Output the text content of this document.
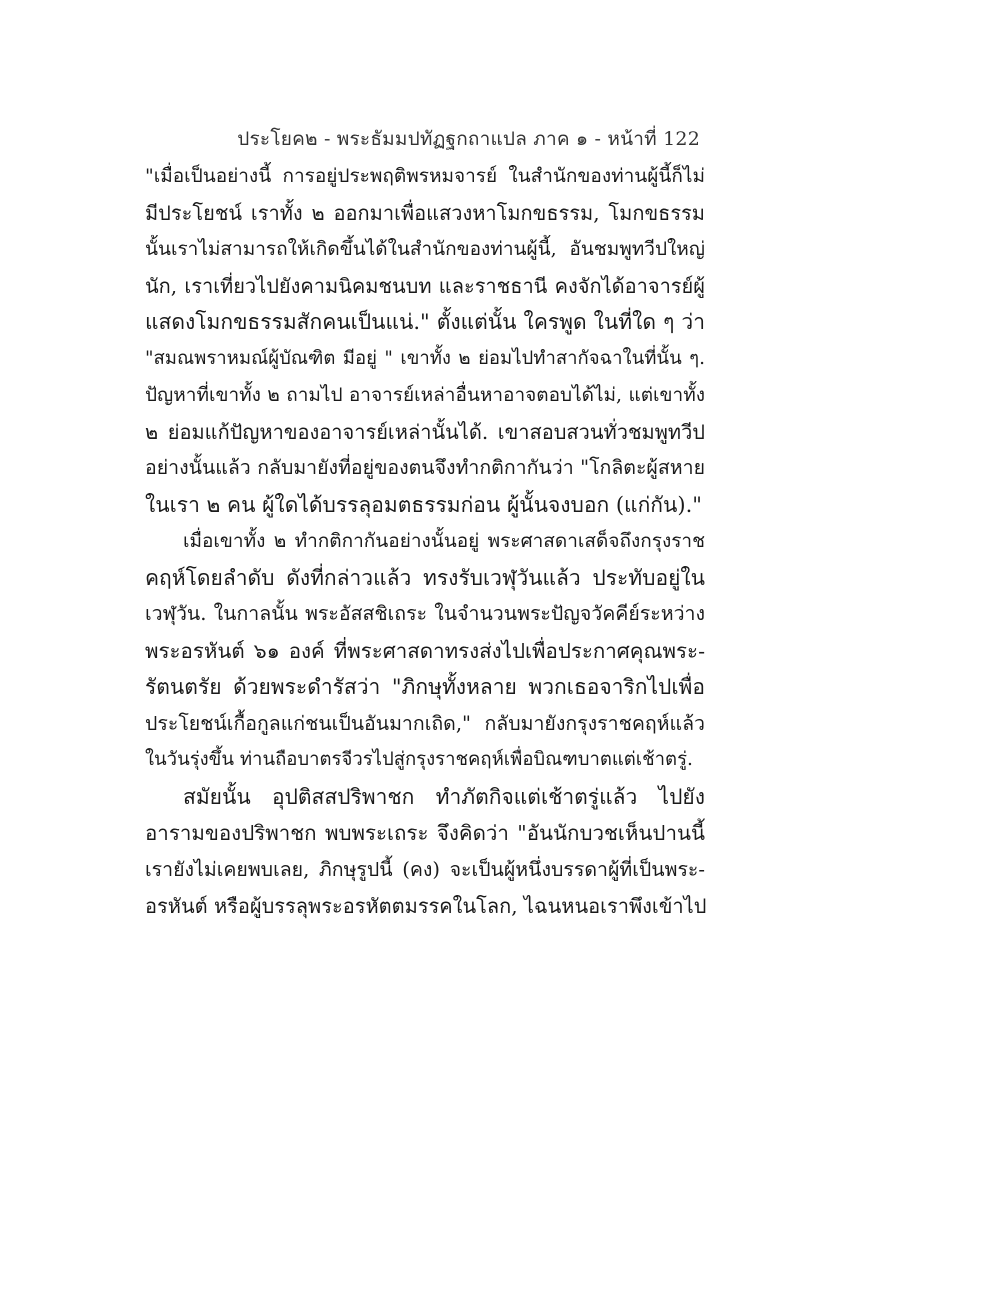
ประโยค๒ - พระธัมมปทัฏฐกถาแปล ภาค ๑ - หน้าที่ 122
"เมื่อเป็นอย่างนี้ การอยู่ประพฤติพรหมจารย์ ในสำนักของท่านผู้นี้ก็ไม่
มีประโยชน์ เราทั้ง ๒ ออกมาเพื่อแสวงหาโมกขธรรม, โมกขธรรม
นั้นเราไม่สามารถให้เกิดขึ้นได้ในสำนักของท่านผู้นี้, อันชมพูทวีปใหญ่
นัก, เราเที่ยวไปยังคามนิคมชนบท และราชธานี คงจักได้อาจารย์ผู้
แสดงโมกขธรรมสักคนเป็นแน่." ตั้งแต่นั้น ใครพูด ในที่ใด ๆ ว่า
"สมณพราหมณ์ผู้บัณฑิต มีอยู่ " เขาทั้ง ๒ ย่อมไปทำสากัจฉาในที่นั้น ๆ.
ปัญหาที่เขาทั้ง ๒ ถามไป อาจารย์เหล่าอื่นหาอาจตอบได้ไม่, แต่เขาทั้ง
๒ ย่อมแก้ปัญหาของอาจารย์เหล่านั้นได้. เขาสอบสวนทั่วชมพูทวีป
อย่างนั้นแล้ว กลับมายังที่อยู่ของตนจึงทำกติกากันว่า "โกลิตะผู้สหาย
ในเรา ๒ คน ผู้ใดได้บรรลุอมตธรรมก่อน ผู้นั้นจงบอก (แก่กัน)."
เมื่อเขาทั้ง ๒ ทำกติกากันอย่างนั้นอยู่ พระศาสดาเสด็จถึงกรุงราช
คฤห์โดยลำดับ ดังที่กล่าวแล้ว ทรงรับเวฬุวันแล้ว ประทับอยู่ใน
เวฬุวัน. ในกาลนั้น พระอัสสชิเถระ ในจำนวนพระปัญจวัคคีย์ระหว่าง
พระอรหันต์ ๖๑ องค์ ที่พระศาสดาทรงส่งไปเพื่อประกาศคุณพระ-
รัตนตรัย ด้วยพระดำรัสว่า "ภิกษุทั้งหลาย พวกเธอจาริกไปเพื่อ
ประโยชน์เกื้อกูลแก่ชนเป็นอันมากเถิด," กลับมายังกรุงราชคฤห์แล้ว
ในวันรุ่งขึ้น ท่านถือบาตรจีวรไปสู่กรุงราชคฤห์เพื่อบิณฑบาตแต่เช้าตรู่.
สมัยนั้น อุปติสสปริพาชก ทำภัตกิจแต่เช้าตรู่แล้ว ไปยัง
อารามของปริพาชก พบพระเถระ จึงคิดว่า "อันนักบวชเห็นปานนี้
เรายังไม่เคยพบเลย, ภิกษุรูปนี้ (คง) จะเป็นผู้หนึ่งบรรดาผู้ที่เป็นพระ-
อรหันต์ หรือผู้บรรลุพระอรหัตตมรรคในโลก, ไฉนหนอเราพึงเข้าไป
